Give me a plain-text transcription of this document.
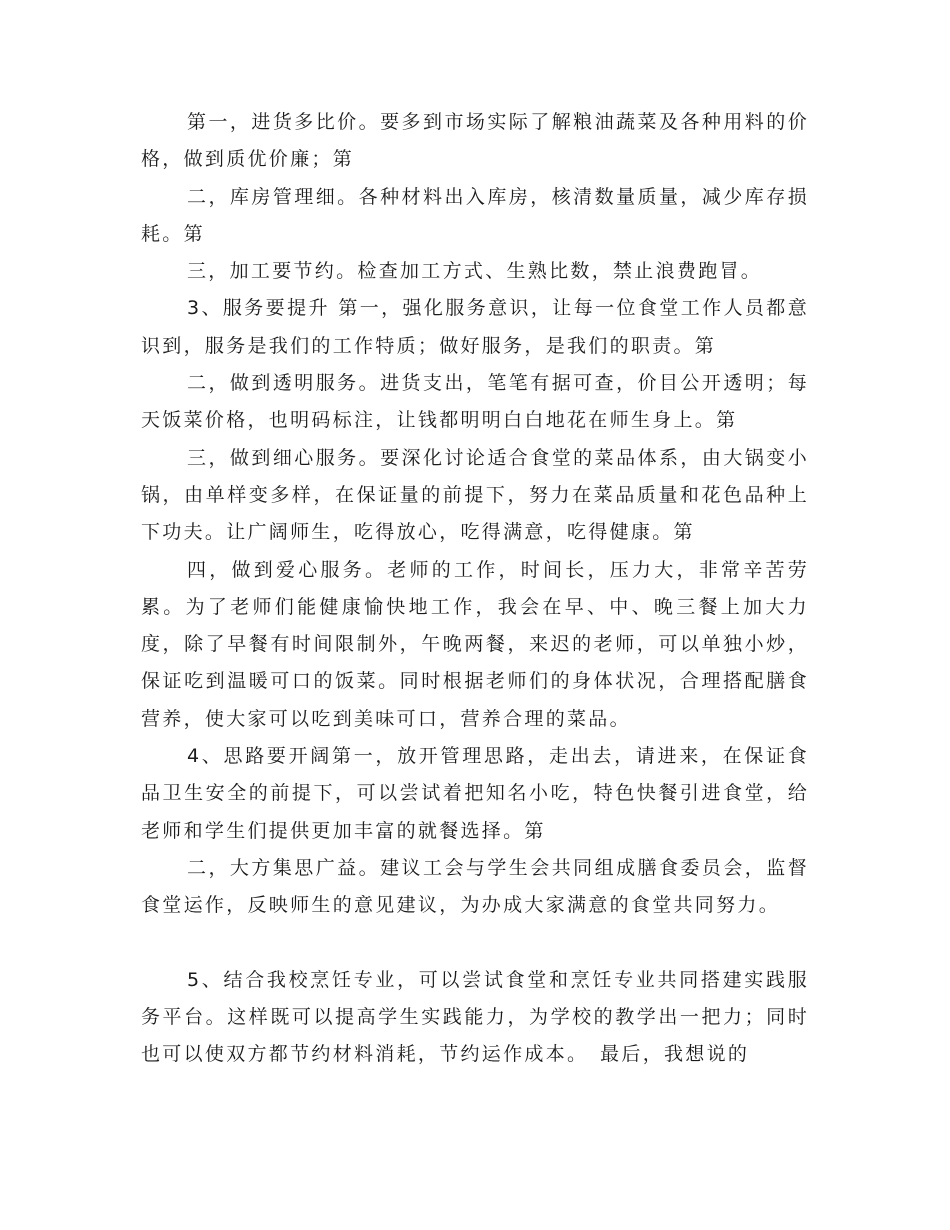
第一，进货多比价。要多到市场实际了解粮油蔬菜及各种用料的价格，做到质优价廉；第

二，库房管理细。各种材料出入库房，核清数量质量，减少库存损耗。第

三，加工要节约。检查加工方式、生熟比数，禁止浪费跑冒。

3、服务要提升 第一，强化服务意识，让每一位食堂工作人员都意识到，服务是我们的工作特质；做好服务，是我们的职责。第

二，做到透明服务。进货支出，笔笔有据可查，价目公开透明；每天饭菜价格，也明码标注，让钱都明明白白地花在师生身上。第

三，做到细心服务。要深化讨论适合食堂的菜品体系，由大锅变小锅，由单样变多样，在保证量的前提下，努力在菜品质量和花色品种上下功夫。让广阔师生，吃得放心，吃得满意，吃得健康。第

四，做到爱心服务。老师的工作，时间长，压力大，非常辛苦劳累。为了老师们能健康愉快地工作，我会在早、中、晚三餐上加大力度，除了早餐有时间限制外，午晚两餐，来迟的老师，可以单独小炒，保证吃到温暖可口的饭菜。同时根据老师们的身体状况，合理搭配膳食营养，使大家可以吃到美味可口，营养合理的菜品。

4、思路要开阔第一，放开管理思路，走出去，请进来，在保证食品卫生安全的前提下，可以尝试着把知名小吃，特色快餐引进食堂，给老师和学生们提供更加丰富的就餐选择。第

二，大方集思广益。建议工会与学生会共同组成膳食委员会，监督食堂运作，反映师生的意见建议，为办成大家满意的食堂共同努力。

5、结合我校烹饪专业，可以尝试食堂和烹饪专业共同搭建实践服务平台。这样既可以提高学生实践能力，为学校的教学出一把力；同时也可以使双方都节约材料消耗，节约运作成本。　最后，我想说的
